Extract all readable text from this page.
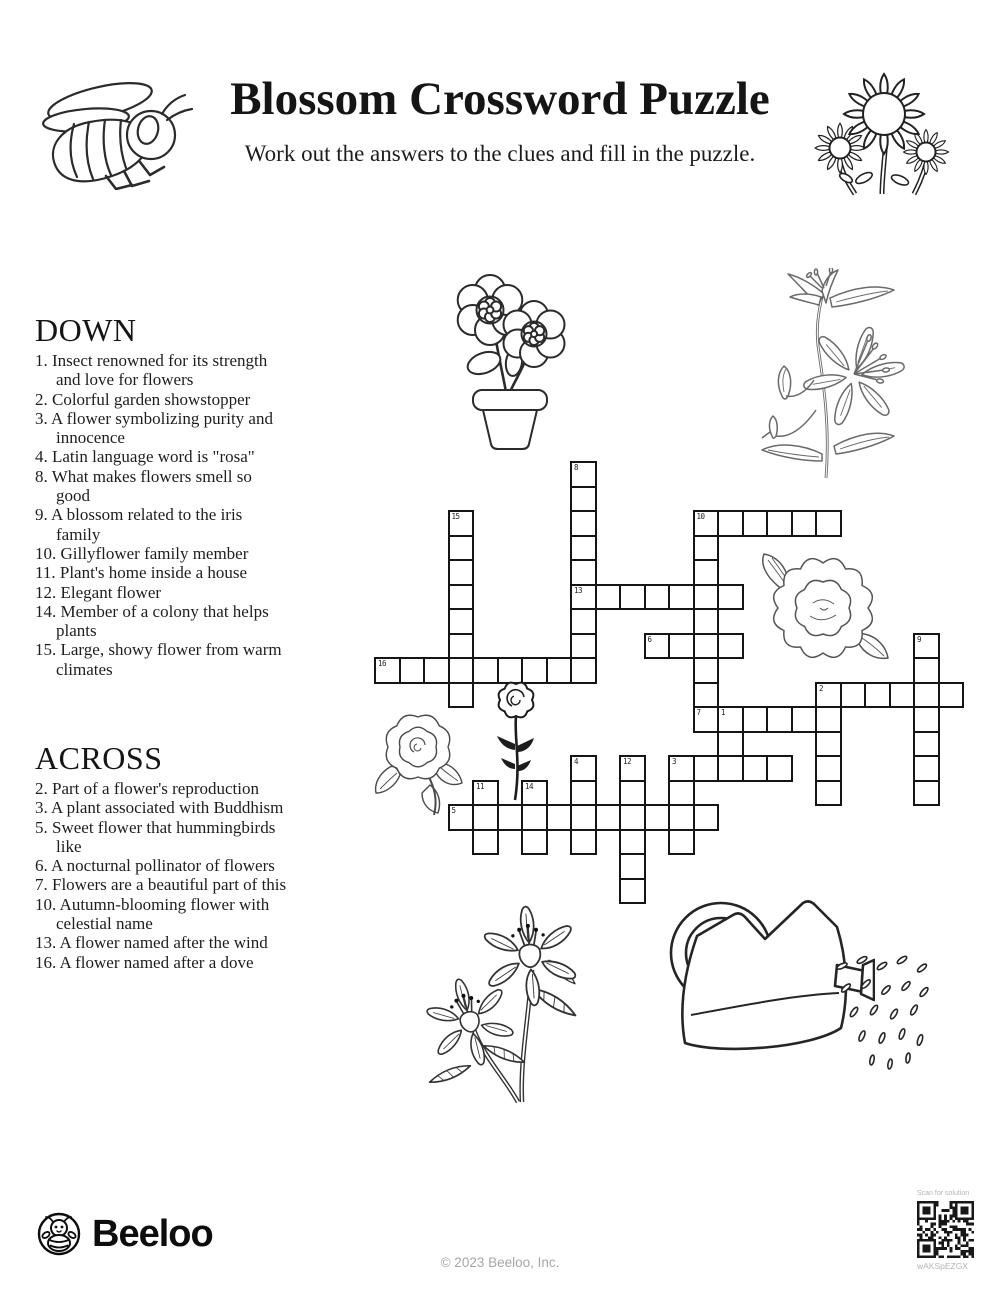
Blossom Crossword Puzzle
Work out the answers to the clues and fill in the puzzle.
DOWN
1. Insect renowned for its strength and love for flowers
2. Colorful garden showstopper
3. A flower symbolizing purity and innocence
4. Latin language word is "rosa"
8. What makes flowers smell so good
9. A blossom related to the iris family
10. Gillyflower family member
11. Plant's home inside a house
12. Elegant flower
14. Member of a colony that helps plants
15. Large, showy flower from warm climates
ACROSS
2. Part of a flower's reproduction
3. A plant associated with Buddhism
5. Sweet flower that hummingbirds like
6. A nocturnal pollinator of flowers
7. Flowers are a beautiful part of this
10. Autumn-blooming flower with celestial name
13. A flower named after the wind
16. A flower named after a dove
8
13
15	10
7
6	9
16
2
1
3
4	12
11	14
5
Beeloo
© 2023 Beeloo, Inc.
Scan for solution
wAKSpEZGX
